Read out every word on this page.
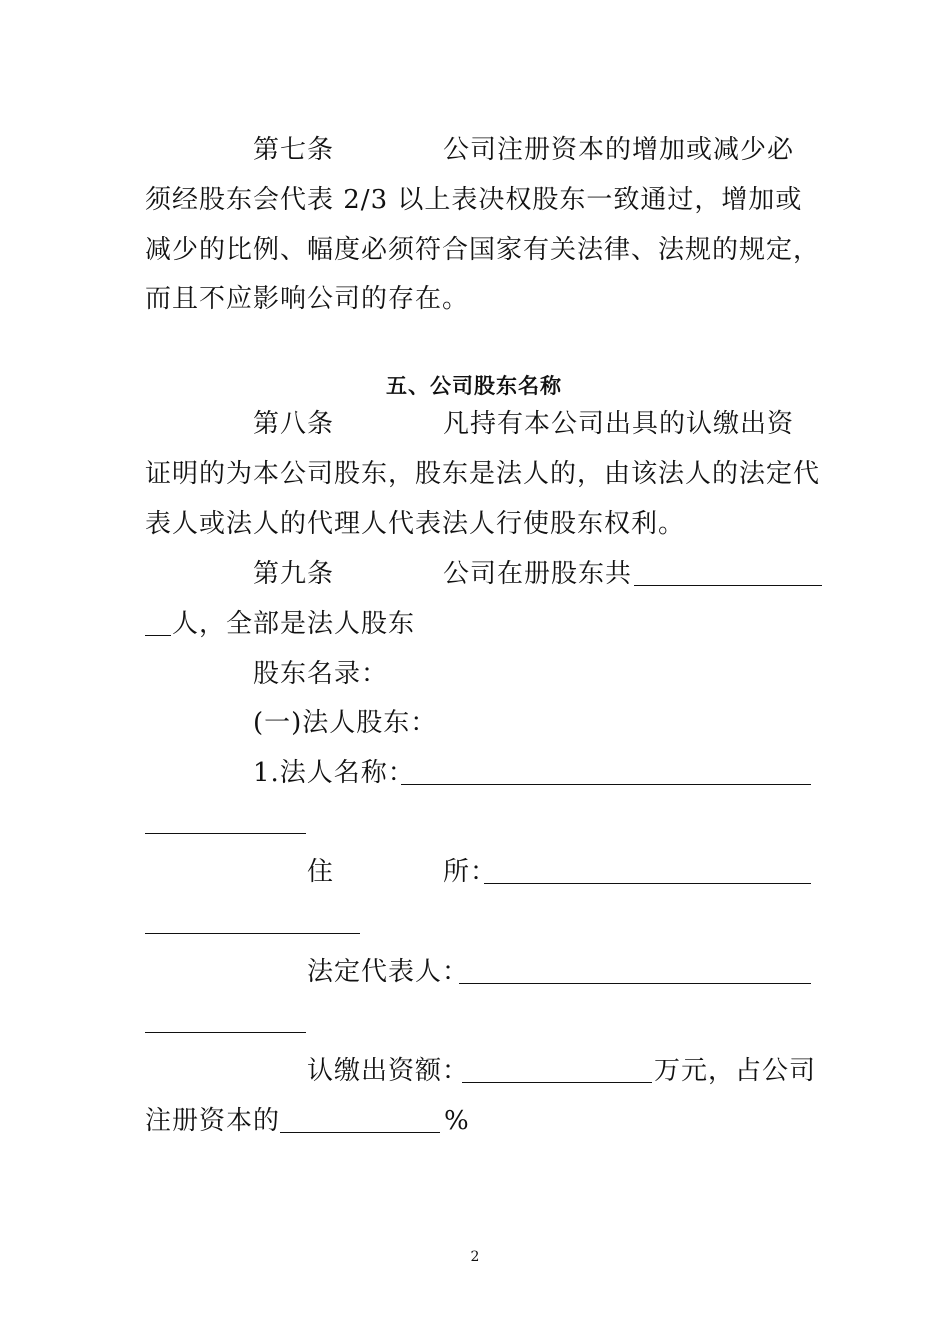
第七条	公司注册资本的增加或减少必
须经股东会代表 2/3 以上表决权股东一致通过，增加或
减少的比例、幅度必须符合国家有关法律、法规的规定，
而且不应影响公司的存在。
五、公司股东名称
第八条	凡持有本公司出具的认缴出资
证明的为本公司股东，股东是法人的，由该法人的法定代
表人或法人的代理人代表法人行使股东权利。
第九条	公司在册股东共
人，全部是法人股东
股东名录：
(一)法人股东：
1.法人名称：
住	所：
法定代表人：
认缴出资额：	万元，占公司
注册资本的	%
2
